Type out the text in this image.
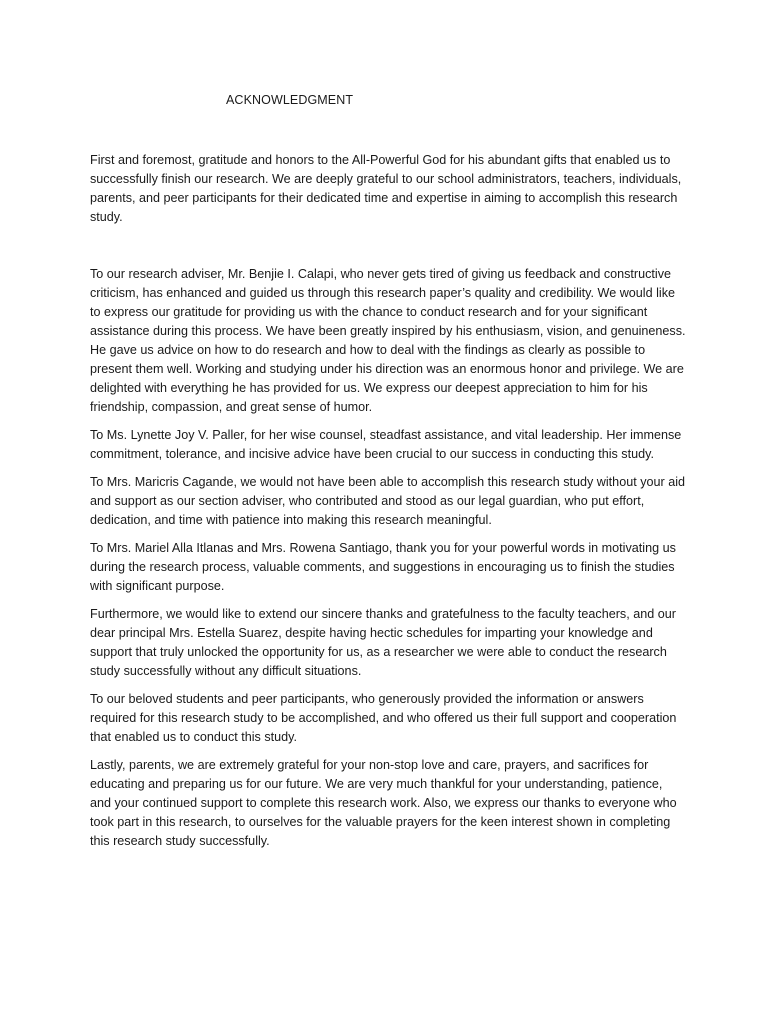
ACKNOWLEDGMENT

First and foremost, gratitude and honors to the All-Powerful God for his abundant gifts that enabled us to successfully finish our research. We are deeply grateful to our school administrators, teachers, individuals, parents, and peer participants for their dedicated time and expertise in aiming to accomplish this research study.

To our research adviser, Mr. Benjie I. Calapi, who never gets tired of giving us feedback and constructive criticism, has enhanced and guided us through this research paper’s quality and credibility. We would like to express our gratitude for providing us with the chance to conduct research and for your significant assistance during this process. We have been greatly inspired by his enthusiasm, vision, and genuineness. He gave us advice on how to do research and how to deal with the findings as clearly as possible to present them well. Working and studying under his direction was an enormous honor and privilege. We are delighted with everything he has provided for us. We express our deepest appreciation to him for his friendship, compassion, and great sense of humor.

To Ms. Lynette Joy V. Paller, for her wise counsel, steadfast assistance, and vital leadership. Her immense commitment, tolerance, and incisive advice have been crucial to our success in conducting this study.

To Mrs. Maricris Cagande, we would not have been able to accomplish this research study without your aid and support as our section adviser, who contributed and stood as our legal guardian, who put effort, dedication, and time with patience into making this research meaningful.

To Mrs. Mariel Alla Itlanas and Mrs. Rowena Santiago, thank you for your powerful words in motivating us during the research process, valuable comments, and suggestions in encouraging us to finish the studies with significant purpose.

Furthermore, we would like to extend our sincere thanks and gratefulness to the faculty teachers, and our dear principal Mrs. Estella Suarez, despite having hectic schedules for imparting your knowledge and support that truly unlocked the opportunity for us, as a researcher we were able to conduct the research study successfully without any difficult situations.

To our beloved students and peer participants, who generously provided the information or answers required for this research study to be accomplished, and who offered us their full support and cooperation that enabled us to conduct this study.

Lastly, parents, we are extremely grateful for your non-stop love and care, prayers, and sacrifices for educating and preparing us for our future. We are very much thankful for your understanding, patience, and your continued support to complete this research work. Also, we express our thanks to everyone who took part in this research, to ourselves for the valuable prayers for the keen interest shown in completing this research study successfully.
